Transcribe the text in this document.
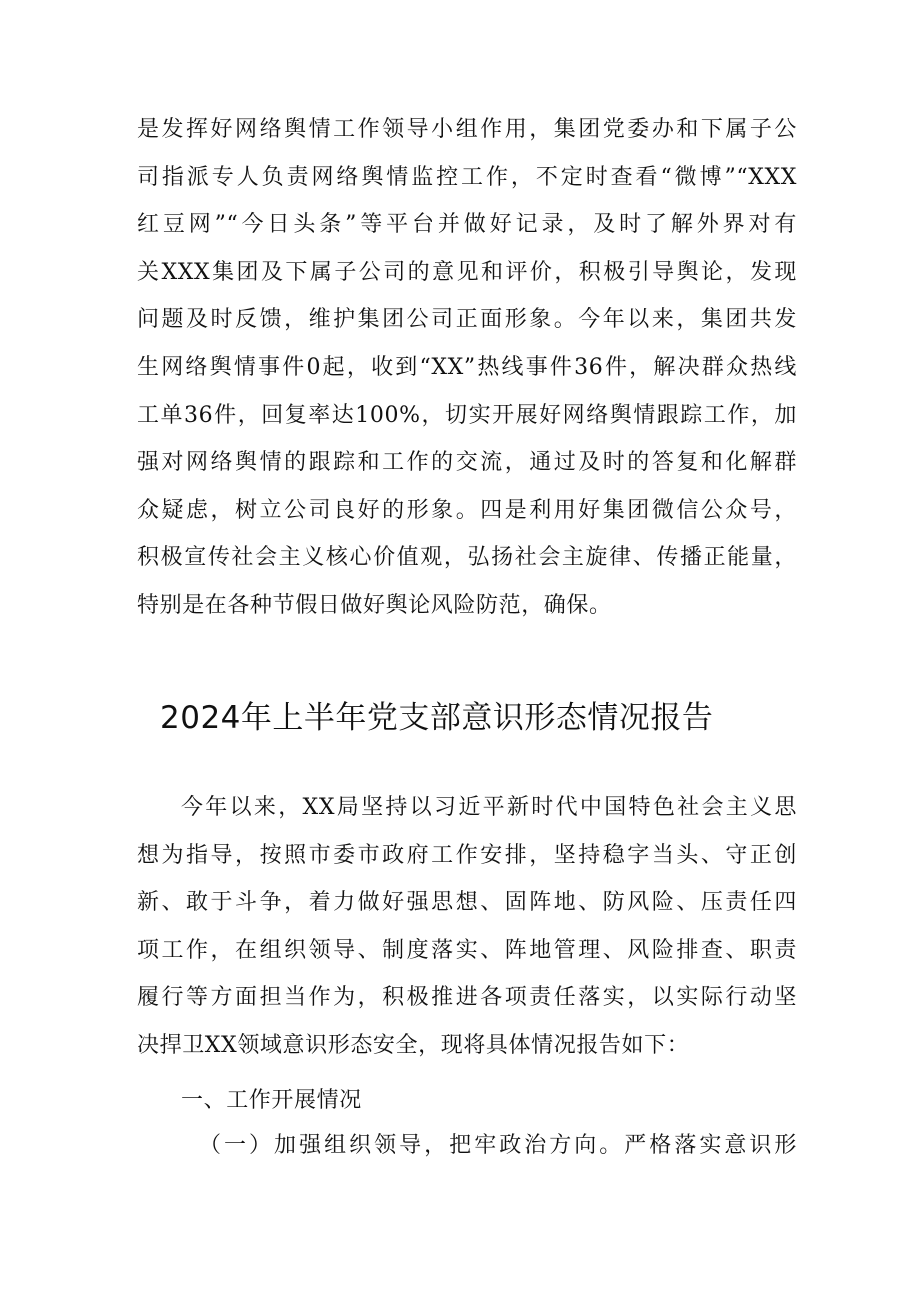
是发挥好网络舆情工作领导小组作用，集团党委办和下属子公
司指派专人负责网络舆情监控工作，不定时查看“微博”“XXX
红豆网”“今日头条”等平台并做好记录，及时了解外界对有
关XXX集团及下属子公司的意见和评价，积极引导舆论，发现
问题及时反馈，维护集团公司正面形象。今年以来，集团共发
生网络舆情事件0起，收到“XX”热线事件36件，解决群众热线
工单36件，回复率达100%，切实开展好网络舆情跟踪工作，加
强对网络舆情的跟踪和工作的交流，通过及时的答复和化解群
众疑虑，树立公司良好的形象。四是利用好集团微信公众号，
积极宣传社会主义核心价值观，弘扬社会主旋律、传播正能量，
特别是在各种节假日做好舆论风险防范，确保。
2024年上半年党支部意识形态情况报告
今年以来，XX局坚持以习近平新时代中国特色社会主义思
想为指导，按照市委市政府工作安排，坚持稳字当头、守正创
新、敢于斗争，着力做好强思想、固阵地、防风险、压责任四
项工作，在组织领导、制度落实、阵地管理、风险排查、职责
履行等方面担当作为，积极推进各项责任落实，以实际行动坚
决捍卫XX领域意识形态安全，现将具体情况报告如下：
一、工作开展情况
（一）加强组织领导，把牢政治方向。严格落实意识形
